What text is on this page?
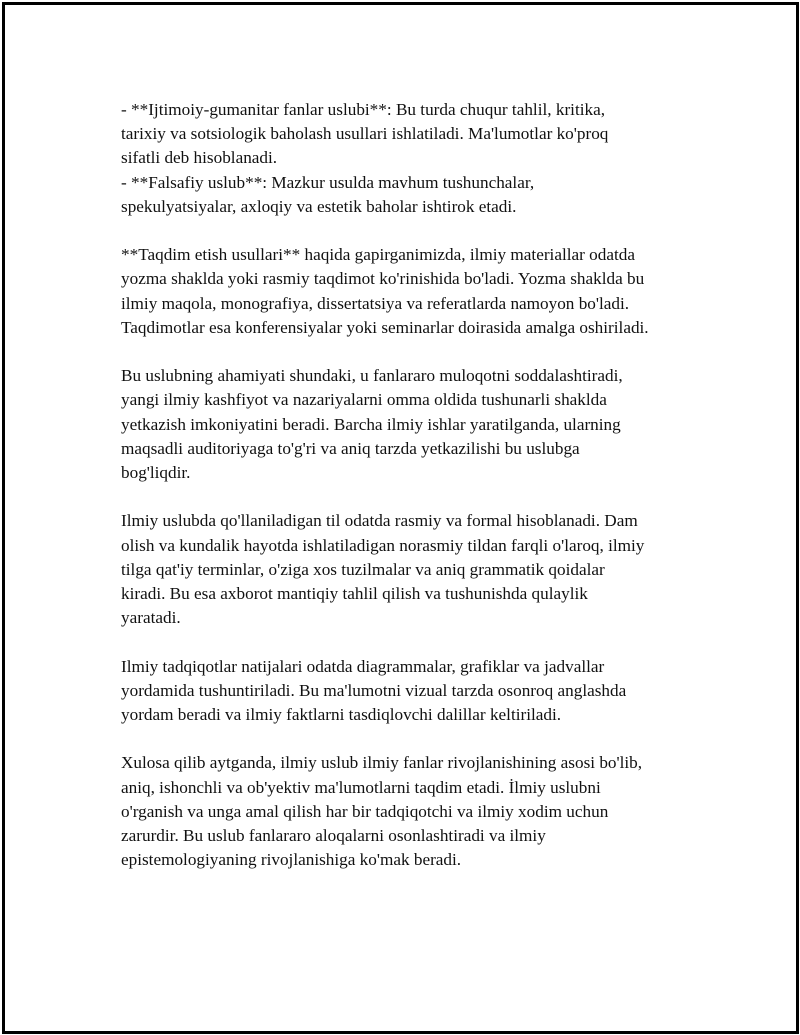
- **Ijtimoiy-gumanitar fanlar uslubi**: Bu turda chuqur tahlil, kritika,
tarixiy va sotsiologik baholash usullari ishlatiladi. Ma'lumotlar ko'proq
sifatli deb hisoblanadi.

- **Falsafiy uslub**: Mazkur usulda mavhum tushunchalar,
spekulyatsiyalar, axloqiy va estetik baholar ishtirok etadi.

**Taqdim etish usullari** haqida gapirganimizda, ilmiy materiallar odatda
yozma shaklda yoki rasmiy taqdimot ko'rinishida bo'ladi. Yozma shaklda bu
ilmiy maqola, monografiya, dissertatsiya va referatlarda namoyon bo'ladi.
Taqdimotlar esa konferensiyalar yoki seminarlar doirasida amalga oshiriladi.

Bu uslubning ahamiyati shundaki, u fanlararo muloqotni soddalashtiradi,
yangi ilmiy kashfiyot va nazariyalarni omma oldida tushunarli shaklda
yetkazish imkoniyatini beradi. Barcha ilmiy ishlar yaratilganda, ularning
maqsadli auditoriyaga to'g'ri va aniq tarzda yetkazilishi bu uslubga
bog'liqdir.

Ilmiy uslubda qo'llaniladigan til odatda rasmiy va formal hisoblanadi. Dam
olish va kundalik hayotda ishlatiladigan norasmiy tildan farqli o'laroq, ilmiy
tilga qat'iy terminlar, o'ziga xos tuzilmalar va aniq grammatik qoidalar
kiradi. Bu esa axborot mantiqiy tahlil qilish va tushunishda qulaylik
yaratadi.

Ilmiy tadqiqotlar natijalari odatda diagrammalar, grafiklar va jadvallar
yordamida tushuntiriladi. Bu ma'lumotni vizual tarzda osonroq anglashda
yordam beradi va ilmiy faktlarni tasdiqlovchi dalillar keltiriladi.

Xulosa qilib aytganda, ilmiy uslub ilmiy fanlar rivojlanishining asosi bo'lib,
aniq, ishonchli va ob'yektiv ma'lumotlarni taqdim etadi. İlmiy uslubni
o'rganish va unga amal qilish har bir tadqiqotchi va ilmiy xodim uchun
zarurdir. Bu uslub fanlararo aloqalarni osonlashtiradi va ilmiy
epistemologiyaning rivojlanishiga ko'mak beradi.
